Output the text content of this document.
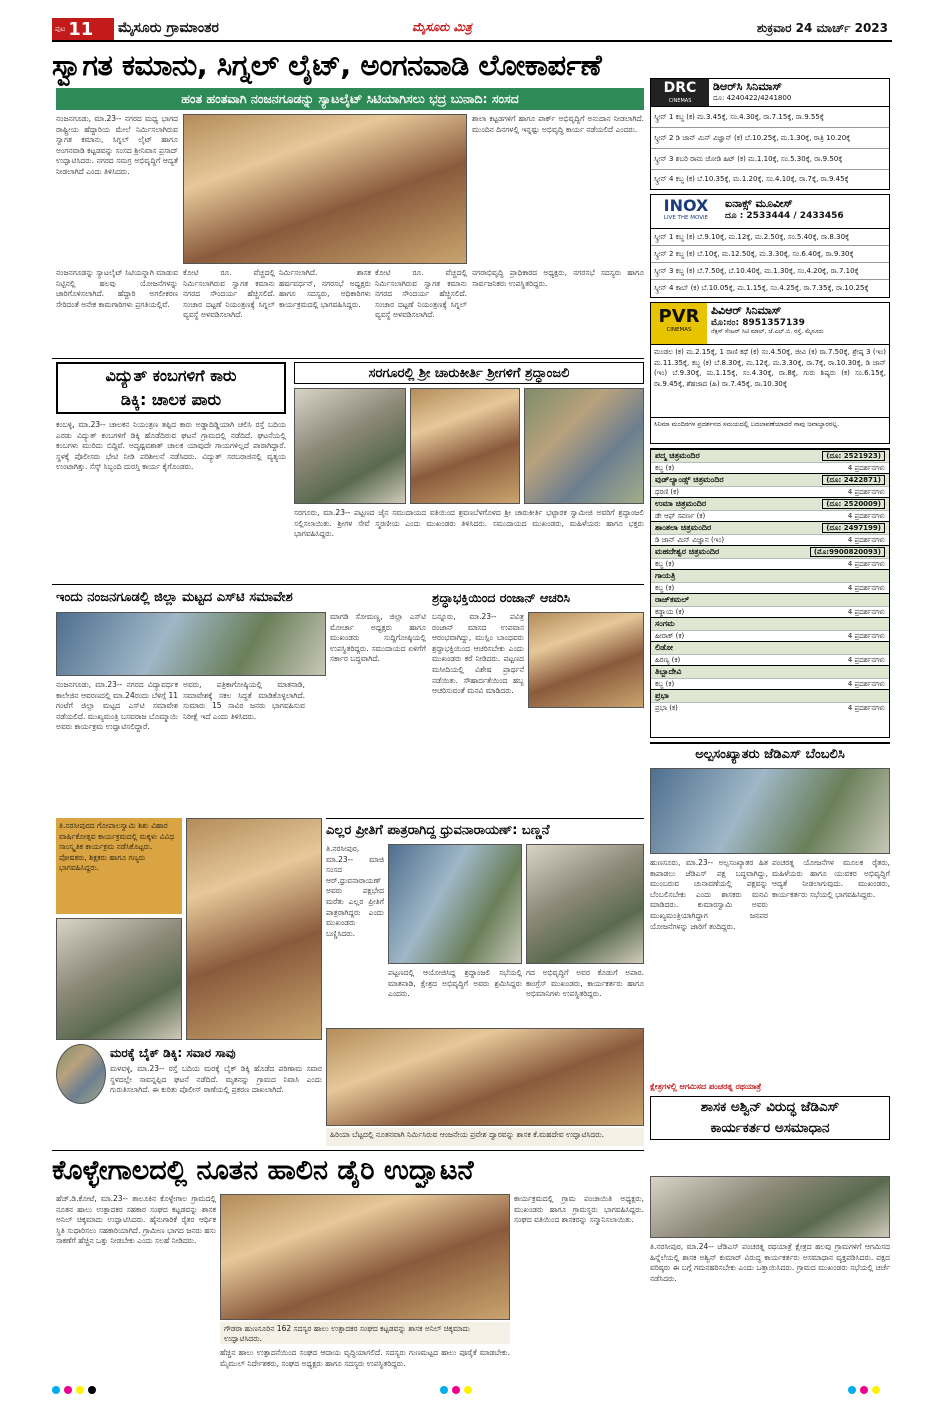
ಪುಟ 11 ಮೈಸೂರು ಗ್ರಾಮಾಂತರ	ಮೈಸೂರು ಮಿತ್ರ	ಶುಕ್ರವಾರ 24 ಮಾರ್ಚ್ 2023
ಸ್ವಾಗತ ಕಮಾನು, ಸಿಗ್ನಲ್ ಲೈಟ್, ಅಂಗನವಾಡಿ ಲೋಕಾರ್ಪಣೆ
ಹಂತ ಹಂತವಾಗಿ ನಂಜನಗೂಡನ್ನು ಸ್ಯಾಟಲೈಟ್ ಸಿಟಿಯಾಗಿಸಲು ಭದ್ರ ಬುನಾದಿ: ಸಂಸದ
ನಂಜನಗೂಡು, ಮಾ.23-- ನಗರದ ಮಧ್ಯ ಭಾಗದ ರಾಷ್ಟ್ರೀಯ ಹೆದ್ದಾರಿಯ ಮೇಲೆ ನಿರ್ಮಿಸಲಾಗಿರುವ ಸ್ವಾಗತ ಕಮಾನು, ಸಿಗ್ನಲ್ ಲೈಟ್ ಹಾಗೂ ಅಂಗನವಾಡಿ ಕಟ್ಟಡವನ್ನು ಸಂಸದ ಶ್ರೀನಿವಾಸ ಪ್ರಸಾದ್ ಉದ್ಘಾಟಿಸಿದರು. ನಗರದ ಸಮಗ್ರ ಅಭಿವೃದ್ಧಿಗೆ ಆದ್ಯತೆ ನೀಡಲಾಗಿದೆ ಎಂದು ತಿಳಿಸಿದರು.
ಶಾಲಾ ಕಟ್ಟಡಗಳಿಗೆ ಹಾಗೂ ಪಾರ್ಕ್ ಅಭಿವೃದ್ಧಿಗೆ ಅನುದಾನ ನೀಡಲಾಗಿದೆ. ಮುಂದಿನ ದಿನಗಳಲ್ಲಿ ಇನ್ನಷ್ಟು ಅಭಿವೃದ್ಧಿ ಕಾರ್ಯ ನಡೆಯಲಿದೆ ಎಂದರು.
ನಂಜನಗೂಡನ್ನು ಸ್ಯಾಟಲೈಟ್ ಸಿಟಿಯನ್ನಾಗಿ ಮಾಡುವ ನಿಟ್ಟಿನಲ್ಲಿ ಹಲವು ಯೋಜನೆಗಳನ್ನು ಜಾರಿಗೊಳಿಸಲಾಗಿದೆ. ಹೆದ್ದಾರಿ ಅಗಲೀಕರಣ ಸೇರಿದಂತೆ ಅನೇಕ ಕಾಮಗಾರಿಗಳು ಪ್ರಗತಿಯಲ್ಲಿವೆ.
ಕೋಟಿ ರೂ. ವೆಚ್ಚದಲ್ಲಿ ನಿರ್ಮಿಸಲಾಗಿರುವ ಸ್ವಾಗತ ಕಮಾನು ನಗರದ ಸೌಂದರ್ಯ ಹೆಚ್ಚಿಸಲಿದೆ. ಸಂಚಾರ ದಟ್ಟಣೆ ನಿಯಂತ್ರಣಕ್ಕೆ ಸಿಗ್ನಲ್ ವ್ಯವಸ್ಥೆ ಅಳವಡಿಸಲಾಗಿದೆ.
ನಿರ್ಮಿಸಲಾಗಿದೆ. ಶಾಸಕ ಹರ್ಷವರ್ಧನ್, ನಗರಸಭೆ ಅಧ್ಯಕ್ಷರು ಹಾಗೂ ಸದಸ್ಯರು, ಅಧಿಕಾರಿಗಳು ಕಾರ್ಯಕ್ರಮದಲ್ಲಿ ಭಾಗವಹಿಸಿದ್ದರು.
ಕೋಟಿ ರೂ. ವೆಚ್ಚದಲ್ಲಿ ನಿರ್ಮಿಸಲಾಗಿರುವ ಸ್ವಾಗತ ಕಮಾನು ನಗರದ ಸೌಂದರ್ಯ ಹೆಚ್ಚಿಸಲಿದೆ. ಸಂಚಾರ ದಟ್ಟಣೆ ನಿಯಂತ್ರಣಕ್ಕೆ ಸಿಗ್ನಲ್ ವ್ಯವಸ್ಥೆ ಅಳವಡಿಸಲಾಗಿದೆ.
ನಗರಾಭಿವೃದ್ಧಿ ಪ್ರಾಧಿಕಾರದ ಅಧ್ಯಕ್ಷರು, ನಗರಸಭೆ ಸದಸ್ಯರು ಹಾಗೂ ಸಾರ್ವಜನಿಕರು ಉಪಸ್ಥಿತರಿದ್ದರು.
ವಿದ್ಯುತ್ ಕಂಬಗಳಿಗೆ ಕಾರು
ಡಿಕ್ಕಿ: ಚಾಲಕ ಪಾರು
ಕಂಬಳ್ಳಿ, ಮಾ.23-- ಚಾಲಕನ ನಿಯಂತ್ರಣ ತಪ್ಪಿದ ಕಾರು ಅಡ್ಡಾದಿಡ್ಡಿಯಾಗಿ ಚಲಿಸಿ ರಸ್ತೆ ಬದಿಯ ಎರಡು ವಿದ್ಯುತ್ ಕಂಬಗಳಿಗೆ ಡಿಕ್ಕಿ ಹೊಡೆದಿರುವ ಘಟನೆ ಗ್ರಾಮದಲ್ಲಿ ನಡೆದಿದೆ. ಘಟನೆಯಲ್ಲಿ ಕಂಬಗಳು ಮುರಿದು ಬಿದ್ದಿವೆ. ಅದೃಷ್ಟವಶಾತ್ ಚಾಲಕ ಯಾವುದೇ ಗಾಯಗಳಿಲ್ಲದೆ ಪಾರಾಗಿದ್ದಾರೆ. ಸ್ಥಳಕ್ಕೆ ಪೊಲೀಸರು ಭೇಟಿ ನೀಡಿ ಪರಿಶೀಲನೆ ನಡೆಸಿದರು. ವಿದ್ಯುತ್ ಸರಬರಾಜಿನಲ್ಲಿ ವ್ಯತ್ಯಯ ಉಂಟಾಗಿತ್ತು. ಸೆಸ್ಕ್ ಸಿಬ್ಬಂದಿ ದುರಸ್ತಿ ಕಾರ್ಯ ಕೈಗೊಂಡರು.
ಸರಗೂರಲ್ಲಿ ಶ್ರೀ ಚಾರುಕೀರ್ತಿ ಶ್ರೀಗಳಿಗೆ ಶ್ರದ್ಧಾಂಜಲಿ
ಸರಗೂರು, ಮಾ.23-- ಪಟ್ಟಣದ ಜೈನ ಸಮುದಾಯದ ವತಿಯಿಂದ ಶ್ರವಣಬೆಳಗೊಳದ ಶ್ರೀ ಚಾರುಕೀರ್ತಿ ಭಟ್ಟಾರಕ ಸ್ವಾಮೀಜಿ ಅವರಿಗೆ ಶ್ರದ್ಧಾಂಜಲಿ ಸಲ್ಲಿಸಲಾಯಿತು. ಶ್ರೀಗಳ ಸೇವೆ ಸ್ಮರಣೀಯ ಎಂದು ಮುಖಂಡರು ತಿಳಿಸಿದರು. ಸಮುದಾಯದ ಮುಖಂಡರು, ಮಹಿಳೆಯರು ಹಾಗೂ ಭಕ್ತರು ಭಾಗವಹಿಸಿದ್ದರು.
ಇಂದು ನಂಜನಗೂಡಲ್ಲಿ ಜಿಲ್ಲಾ ಮಟ್ಟದ ಎಸ್‌ಟಿ ಸಮಾವೇಶ
ನಂಜನಗೂಡು, ಮಾ.23-- ನಗರದ ವಿದ್ಯಾವರ್ಧಕ ಕಾಲೇಜಿನ ಆವರಣದಲ್ಲಿ ಮಾ.24ರಂದು ಬೆಳಿಗ್ಗೆ 11 ಗಂಟೆಗೆ ಜಿಲ್ಲಾ ಮಟ್ಟದ ಎಸ್‌ಟಿ ಸಮಾವೇಶ ನಡೆಯಲಿದೆ. ಮುಖ್ಯಮಂತ್ರಿ ಬಸವರಾಜ ಬೊಮ್ಮಾಯಿ ಅವರು ಕಾರ್ಯಕ್ರಮ ಉದ್ಘಾಟಿಸಲಿದ್ದಾರೆ.
ಅವರು, ಪತ್ರಿಕಾಗೋಷ್ಠಿಯಲ್ಲಿ ಮಾತನಾಡಿ, ಸಮಾವೇಶಕ್ಕೆ ಸಕಲ ಸಿದ್ಧತೆ ಮಾಡಿಕೊಳ್ಳಲಾಗಿದೆ. ಸುಮಾರು 15 ಸಾವಿರ ಜನರು ಭಾಗವಹಿಸುವ ನಿರೀಕ್ಷೆ ಇದೆ ಎಂದು ತಿಳಿಸಿದರು.
ಮಾಗಡಿ ಸೋಮಣ್ಣ, ಜಿಲ್ಲಾ ಎಸ್‌ಟಿ ಮೋರ್ಚಾ ಅಧ್ಯಕ್ಷರು ಹಾಗೂ ಮುಖಂಡರು ಸುದ್ದಿಗೋಷ್ಠಿಯಲ್ಲಿ ಉಪಸ್ಥಿತರಿದ್ದರು. ಸಮುದಾಯದ ಏಳಿಗೆಗೆ ಸರ್ಕಾರ ಬದ್ಧವಾಗಿದೆ.
ಶ್ರದ್ಧಾಭಕ್ತಿಯಿಂದ ರಂಜಾನ್ ಆಚರಿಸಿ
ಬನ್ನೂರು, ಮಾ.23-- ಪವಿತ್ರ ರಂಜಾನ್ ಮಾಸದ ಉಪವಾಸ ಆರಂಭವಾಗಿದ್ದು, ಮುಸ್ಲಿಂ ಬಾಂಧವರು ಶ್ರದ್ಧಾಭಕ್ತಿಯಿಂದ ಆಚರಿಸಬೇಕು ಎಂದು ಮುಖಂಡರು ಕರೆ ನೀಡಿದರು. ಪಟ್ಟಣದ ಮಸೀದಿಯಲ್ಲಿ ವಿಶೇಷ ಪ್ರಾರ್ಥನೆ ನಡೆಯಿತು. ಸೌಹಾರ್ದತೆಯಿಂದ ಹಬ್ಬ ಆಚರಿಸುವಂತೆ ಮನವಿ ಮಾಡಿದರು.
ತಿ.ನರಸೀಪುರದ ಗೋಪಾಲಸ್ವಾಮಿ ಶಿಶು ವಿಹಾರ ವಾರ್ಷಿಕೋತ್ಸವ ಕಾರ್ಯಕ್ರಮದಲ್ಲಿ ಮಕ್ಕಳು ವಿವಿಧ ಸಾಂಸ್ಕೃತಿಕ ಕಾರ್ಯಕ್ರಮ ನಡೆಸಿಕೊಟ್ಟರು. ಪೋಷಕರು, ಶಿಕ್ಷಕರು ಹಾಗೂ ಗಣ್ಯರು ಭಾಗವಹಿಸಿದ್ದರು.
ಮರಕ್ಕೆ ಬೈಕ್ ಡಿಕ್ಕಿ: ಸವಾರ ಸಾವು
ಮಳವಳ್ಳಿ, ಮಾ.23-- ರಸ್ತೆ ಬದಿಯ ಮರಕ್ಕೆ ಬೈಕ್ ಡಿಕ್ಕಿ ಹೊಡೆದ ಪರಿಣಾಮ ಸವಾರ ಸ್ಥಳದಲ್ಲೇ ಸಾವನ್ನಪ್ಪಿದ ಘಟನೆ ನಡೆದಿದೆ. ಮೃತನನ್ನು ಗ್ರಾಮದ ನಿವಾಸಿ ಎಂದು ಗುರುತಿಸಲಾಗಿದೆ. ಈ ಕುರಿತು ಪೊಲೀಸ್ ಠಾಣೆಯಲ್ಲಿ ಪ್ರಕರಣ ದಾಖಲಾಗಿದೆ.
ಎಲ್ಲರ ಪ್ರೀತಿಗೆ ಪಾತ್ರರಾಗಿದ್ದ ಧ್ರುವನಾರಾಯಣ್: ಬಣ್ಣನೆ
ತಿ.ನರಸೀಪುರ, ಮಾ.23-- ಮಾಜಿ ಸಂಸದ ಆರ್.ಧ್ರುವನಾರಾಯಣ್ ಅವರು ಪಕ್ಷಭೇದ ಮರೆತು ಎಲ್ಲರ ಪ್ರೀತಿಗೆ ಪಾತ್ರರಾಗಿದ್ದರು ಎಂದು ಮುಖಂಡರು ಬಣ್ಣಿಸಿದರು.
ಪಟ್ಟಣದಲ್ಲಿ ಆಯೋಜಿಸಿದ್ದ ಶ್ರದ್ಧಾಂಜಲಿ ಸಭೆಯಲ್ಲಿ ಮಾತನಾಡಿ, ಕ್ಷೇತ್ರದ ಅಭಿವೃದ್ಧಿಗೆ ಅವರು ಶ್ರಮಿಸಿದ್ದರು ಎಂದರು.
ಗದ ಅಭಿವೃದ್ಧಿಗೆ ಅವರ ಕೊಡುಗೆ ಅಪಾರ. ಕಾಂಗ್ರೆಸ್ ಮುಖಂಡರು, ಕಾರ್ಯಕರ್ತರು ಹಾಗೂ ಅಭಿಮಾನಿಗಳು ಉಪಸ್ಥಿತರಿದ್ದರು.
ಹಿರಿಯಾ ಬೆಟ್ಟದಲ್ಲಿ ನೂತನವಾಗಿ ನಿರ್ಮಿಸಿರುವ ಆಂಜನೇಯ ಪ್ರವೇಶ ದ್ವಾರವನ್ನು ಶಾಸಕ ಕೆ.ಮಹದೇವ ಉದ್ಘಾಟಿಸಿದರು.
DRC
CINEMAS
ಡಿಆರ್‌ಸಿ ಸಿನಿಮಾಸ್
ದೂ: 4240422/4241800
ಸ್ಕ್ರೀನ್ 1 ಕಬ್ಜ (ಕ) ಮ.3.45ಕ್ಕೆ, ಸಂ.4.30ಕ್ಕೆ, ರಾ.7.15ಕ್ಕೆ, ರಾ.9.55ಕ್ಕೆ
ಸ್ಕ್ರೀನ್ 2 ಡಿ ಜಾನ್ ಮಿನ್ ವಿಜ್ಞಾನ್ (ಕ) ಬೆ.10.25ಕ್ಕೆ, ಮ.1.30ಕ್ಕೆ, ರಾತ್ರಿ 10.20ಕ್ಕೆ
ಸ್ಕ್ರೀನ್ 3 ಶಬರಿ ರಾಮ ಜೋಡಿ ಹಿಟ್ (ಕ) ಮ.1.10ಕ್ಕೆ, ಸಂ.5.30ಕ್ಕೆ, ರಾ.9.50ಕ್ಕೆ
ಸ್ಕ್ರೀನ್ 4 ಕಬ್ಜ (ಕ) ಬೆ.10.35ಕ್ಕೆ, ಮ.1.20ಕ್ಕೆ, ಸಂ.4.10ಕ್ಕೆ, ರಾ.7ಕ್ಕೆ, ರಾ.9.45ಕ್ಕೆ
INOX
LIVE THE MOVIE
ಐನಾಕ್ಸ್ ಮೂವೀಸ್
ದೂ : 2533444 / 2433456
ಸ್ಕ್ರೀನ್ 1 ಕಬ್ಜ (ಕ) ಬೆ.9.10ಕ್ಕೆ, ಮ.12ಕ್ಕೆ, ಮ.2.50ಕ್ಕೆ, ಸಂ.5.40ಕ್ಕೆ, ರಾ.8.30ಕ್ಕೆ
ಸ್ಕ್ರೀನ್ 2 ಕಬ್ಜ (ಕ) ಬೆ.10ಕ್ಕೆ, ಮ.12.50ಕ್ಕೆ, ಮ.3.30ಕ್ಕೆ, ಸಂ.6.40ಕ್ಕೆ, ರಾ.9.30ಕ್ಕೆ
ಸ್ಕ್ರೀನ್ 3 ಕಬ್ಜ (ಕ) ಬೆ.7.50ಕ್ಕೆ, ಬೆ.10.40ಕ್ಕೆ, ಮ.1.30ಕ್ಕೆ, ಸಂ.4.20ಕ್ಕೆ, ರಾ.7.10ಕ್ಕೆ
ಸ್ಕ್ರೀನ್ 4 ಕಾಬ್ (ಕ) ಬೆ.10.05ಕ್ಕೆ, ಮ.1.15ಕ್ಕೆ, ಸಂ.4.25ಕ್ಕೆ, ರಾ.7.35ಕ್ಕೆ, ರಾ.10.25ಕ್ಕೆ
PVR
CINEMAS
ಪಿವಿಆರ್ ಸಿನಿಮಾಸ್
ಮೊ:ನಂ: 8951357139
ನೆಕ್ಸಸ್ ಸೆಂಟರ್ ಸಿಟಿ ಮಾಲ್, ಜೆ.ಎಲ್.ಬಿ. ರಸ್ತೆ, ಮೈಸೂರು
ಮಂಡಲ (ಕ) ಮ.2.15ಕ್ಕೆ, 1 ರಾಣಿ ಕಥೆ (ಕ) ಸಂ.4.50ಕ್ಕೆ, ಜೀವಿ (ಕ) ರಾ.7.50ಕ್ಕೆ, ಶ್ರೇಷ್ಠ 3 (ಇಂ) ಮ.11.35ಕ್ಕೆ, ಕಬ್ಜ (ಕ) ಬೆ.8.30ಕ್ಕೆ, ಮ.12ಕ್ಕೆ, ಮ.3.30ಕ್ಕೆ, ರಾ.7ಕ್ಕೆ, ರಾ.10.30ಕ್ಕೆ, ಡಿ ಜಾನ್ (ಇಂ) ಬೆ.9.30ಕ್ಕೆ, ಮ.1.15ಕ್ಕೆ, ಸಂ.4.30ಕ್ಕೆ, ರಾ.8ಕ್ಕೆ, ಗುರು ಶಿಷ್ಯರು (ಕ) ಸಂ.6.15ಕ್ಕೆ, ರಾ.9.45ಕ್ಕೆ, ಶೆಹಜಾದ (ಹಿ) ರಾ.7.45ಕ್ಕೆ, ರಾ.10.30ಕ್ಕೆ
ಸಿನಿಮಾ ಮಂದಿರಗಳ ಪ್ರದರ್ಶನದ ಸಮಯದಲ್ಲಿ ಬದಲಾವಣೆಯಾದರೆ ನಾವು ಜವಾಬ್ದಾರರಲ್ಲ.
ಪದ್ಮ ಚಿತ್ರಮಂದಿರ	(ದೂ: 2521923)
ಕಬ್ಜ (ಕ)	4 ಪ್ರದರ್ಶನಗಳು
ವುಡ್‌ಲ್ಯಾಂಡ್ಸ್ ಚಿತ್ರಮಂದಿರ	(ದೂ: 2422871)
ಧರಣಿ (ಕ)	4 ಪ್ರದರ್ಶನಗಳು
ಉಮಾ ಚಿತ್ರಮಂದಿರ	(ದೂ: 2520009)
ಡೇ ಆಫ್ ಸವರ್ಣ (ಕ)	4 ಪ್ರದರ್ಶನಗಳು
ಶಾಂತಲಾ ಚಿತ್ರಮಂದಿರ	(ದೂ: 2497199)
ಡಿ ಜಾನ್ ಮಿನ್ ವಿಜ್ಞಾನ (ಇಂ)	4 ಪ್ರದರ್ಶನಗಳು
ಮಹದೇಶ್ವರ ಚಿತ್ರಮಂದಿರ	(ಮೊ:9900820093)
ಕಬ್ಜ (ಕ)	4 ಪ್ರದರ್ಶನಗಳು
ಗಾಯತ್ರಿ
ಕಬ್ಜ (ಕ)	4 ಪ್ರದರ್ಶನಗಳು
ರಾಜ್‌ಕಮಲ್
ಕಡ್ಡಾಯ (ಕ)	4 ಪ್ರದರ್ಶನಗಳು
ಸಂಗಮ
ಹೀರಾಕ್ (ಕ)	4 ಪ್ರದರ್ಶನಗಳು
ಲಿಡೋ
ಹಿರಣ್ಯ (ಕ)	4 ಪ್ರದರ್ಶನಗಳು
ತಿಬ್ಬಾದೇವಿ
ಕಬ್ಜ (ಕ)	4 ಪ್ರದರ್ಶನಗಳು
ಪ್ರಭಾ
ಪ್ರಭಾ (ಕ)	4 ಪ್ರದರ್ಶನಗಳು
ಅಲ್ಪಸಂಖ್ಯಾತರು ಜೆಡಿಎಸ್ ಬೆಂಬಲಿಸಿ
ಹುಣಸೂರು, ಮಾ.23-- ಅಲ್ಪಸಂಖ್ಯಾತರ ಹಿತ ಕಾಪಾಡಲು ಜೆಡಿಎಸ್ ಪಕ್ಷ ಬದ್ಧವಾಗಿದ್ದು, ಮುಂಬರುವ ಚುನಾವಣೆಯಲ್ಲಿ ಪಕ್ಷವನ್ನು ಬೆಂಬಲಿಸಬೇಕು ಎಂದು ಶಾಸಕರು ಮನವಿ ಮಾಡಿದರು. ಕುಮಾರಸ್ವಾಮಿ ಅವರು ಮುಖ್ಯಮಂತ್ರಿಯಾಗಿದ್ದಾಗ ಜನಪರ ಯೋಜನೆಗಳನ್ನು ಜಾರಿಗೆ ತಂದಿದ್ದರು.
ಪಂಚರತ್ನ ಯೋಜನೆಗಳ ಮೂಲಕ ರೈತರು, ಮಹಿಳೆಯರು ಹಾಗೂ ಯುವಕರ ಅಭಿವೃದ್ಧಿಗೆ ಆದ್ಯತೆ ನೀಡಲಾಗುವುದು. ಮುಖಂಡರು, ಕಾರ್ಯಕರ್ತರು ಸಭೆಯಲ್ಲಿ ಭಾಗವಹಿಸಿದ್ದರು.
ಕ್ಷೇತ್ರಗಳಲ್ಲಿ ಆಗಮಿಸದ ಪಂಚರತ್ನ ರಥಯಾತ್ರೆ
ಶಾಸಕ ಅಶ್ವಿನ್ ವಿರುದ್ಧ ಜೆಡಿಎಸ್
ಕಾರ್ಯಕರ್ತರ ಅಸಮಾಧಾನ
ತಿ.ನರಸೀಪುರ, ಮಾ.24-- ಜೆಡಿಎಸ್ ಪಂಚರತ್ನ ರಥಯಾತ್ರೆ ಕ್ಷೇತ್ರದ ಹಲವು ಗ್ರಾಮಗಳಿಗೆ ಆಗಮಿಸದ ಹಿನ್ನೆಲೆಯಲ್ಲಿ ಶಾಸಕ ಅಶ್ವಿನ್ ಕುಮಾರ್ ವಿರುದ್ಧ ಕಾರ್ಯಕರ್ತರು ಅಸಮಾಧಾನ ವ್ಯಕ್ತಪಡಿಸಿದರು. ಪಕ್ಷದ ವರಿಷ್ಠರು ಈ ಬಗ್ಗೆ ಗಮನಹರಿಸಬೇಕು ಎಂದು ಒತ್ತಾಯಿಸಿದರು. ಗ್ರಾಮದ ಮುಖಂಡರು ಸಭೆಯಲ್ಲಿ ಚರ್ಚೆ ನಡೆಸಿದರು.
ಕೊಳ್ಳೇಗಾಲದಲ್ಲಿ ನೂತನ ಹಾಲಿನ ಡೈರಿ ಉದ್ಘಾಟನೆ
ಹೆಚ್.ಡಿ.ಕೋಟೆ, ಮಾ.23-- ತಾಲೂಕಿನ ಕೊಳ್ಳೇಗಾಲ ಗ್ರಾಮದಲ್ಲಿ ನೂತನ ಹಾಲು ಉತ್ಪಾದಕರ ಸಹಕಾರ ಸಂಘದ ಕಟ್ಟಡವನ್ನು ಶಾಸಕ ಅನಿಲ್ ಚಿಕ್ಕಮಾದು ಉದ್ಘಾಟಿಸಿದರು. ಹೈನುಗಾರಿಕೆ ರೈತರ ಆರ್ಥಿಕ ಸ್ಥಿತಿ ಸುಧಾರಿಸಲು ಸಹಕಾರಿಯಾಗಿದೆ. ಗ್ರಾಮೀಣ ಭಾಗದ ಜನರು ಹಸು ಸಾಕಣೆಗೆ ಹೆಚ್ಚಿನ ಒತ್ತು ನೀಡಬೇಕು ಎಂದು ಸಲಹೆ ನೀಡಿದರು.
ಗೌಡರಾ ಹುಣಸೂರಿನ 162 ಸದಸ್ಯರ ಹಾಲು ಉತ್ಪಾದಕರ ಸಂಘದ ಕಟ್ಟಡವನ್ನು ಶಾಸಕ ಅನಿಲ್ ಚಿಕ್ಕಮಾದು ಉದ್ಘಾಟಿಸಿದರು.
ಹೆಚ್ಚಿನ ಹಾಲು ಉತ್ಪಾದನೆಯಿಂದ ಸಂಘದ ಆದಾಯ ವೃದ್ಧಿಯಾಗಲಿದೆ. ಸದಸ್ಯರು ಗುಣಮಟ್ಟದ ಹಾಲು ಪೂರೈಕೆ ಮಾಡಬೇಕು. ಮೈಮುಲ್ ನಿರ್ದೇಶಕರು, ಸಂಘದ ಅಧ್ಯಕ್ಷರು ಹಾಗೂ ಸದಸ್ಯರು ಉಪಸ್ಥಿತರಿದ್ದರು.
ಕಾರ್ಯಕ್ರಮದಲ್ಲಿ ಗ್ರಾಮ ಪಂಚಾಯಿತಿ ಅಧ್ಯಕ್ಷರು, ಮುಖಂಡರು ಹಾಗೂ ಗ್ರಾಮಸ್ಥರು ಭಾಗವಹಿಸಿದ್ದರು. ಸಂಘದ ವತಿಯಿಂದ ಶಾಸಕರನ್ನು ಸನ್ಮಾನಿಸಲಾಯಿತು.
